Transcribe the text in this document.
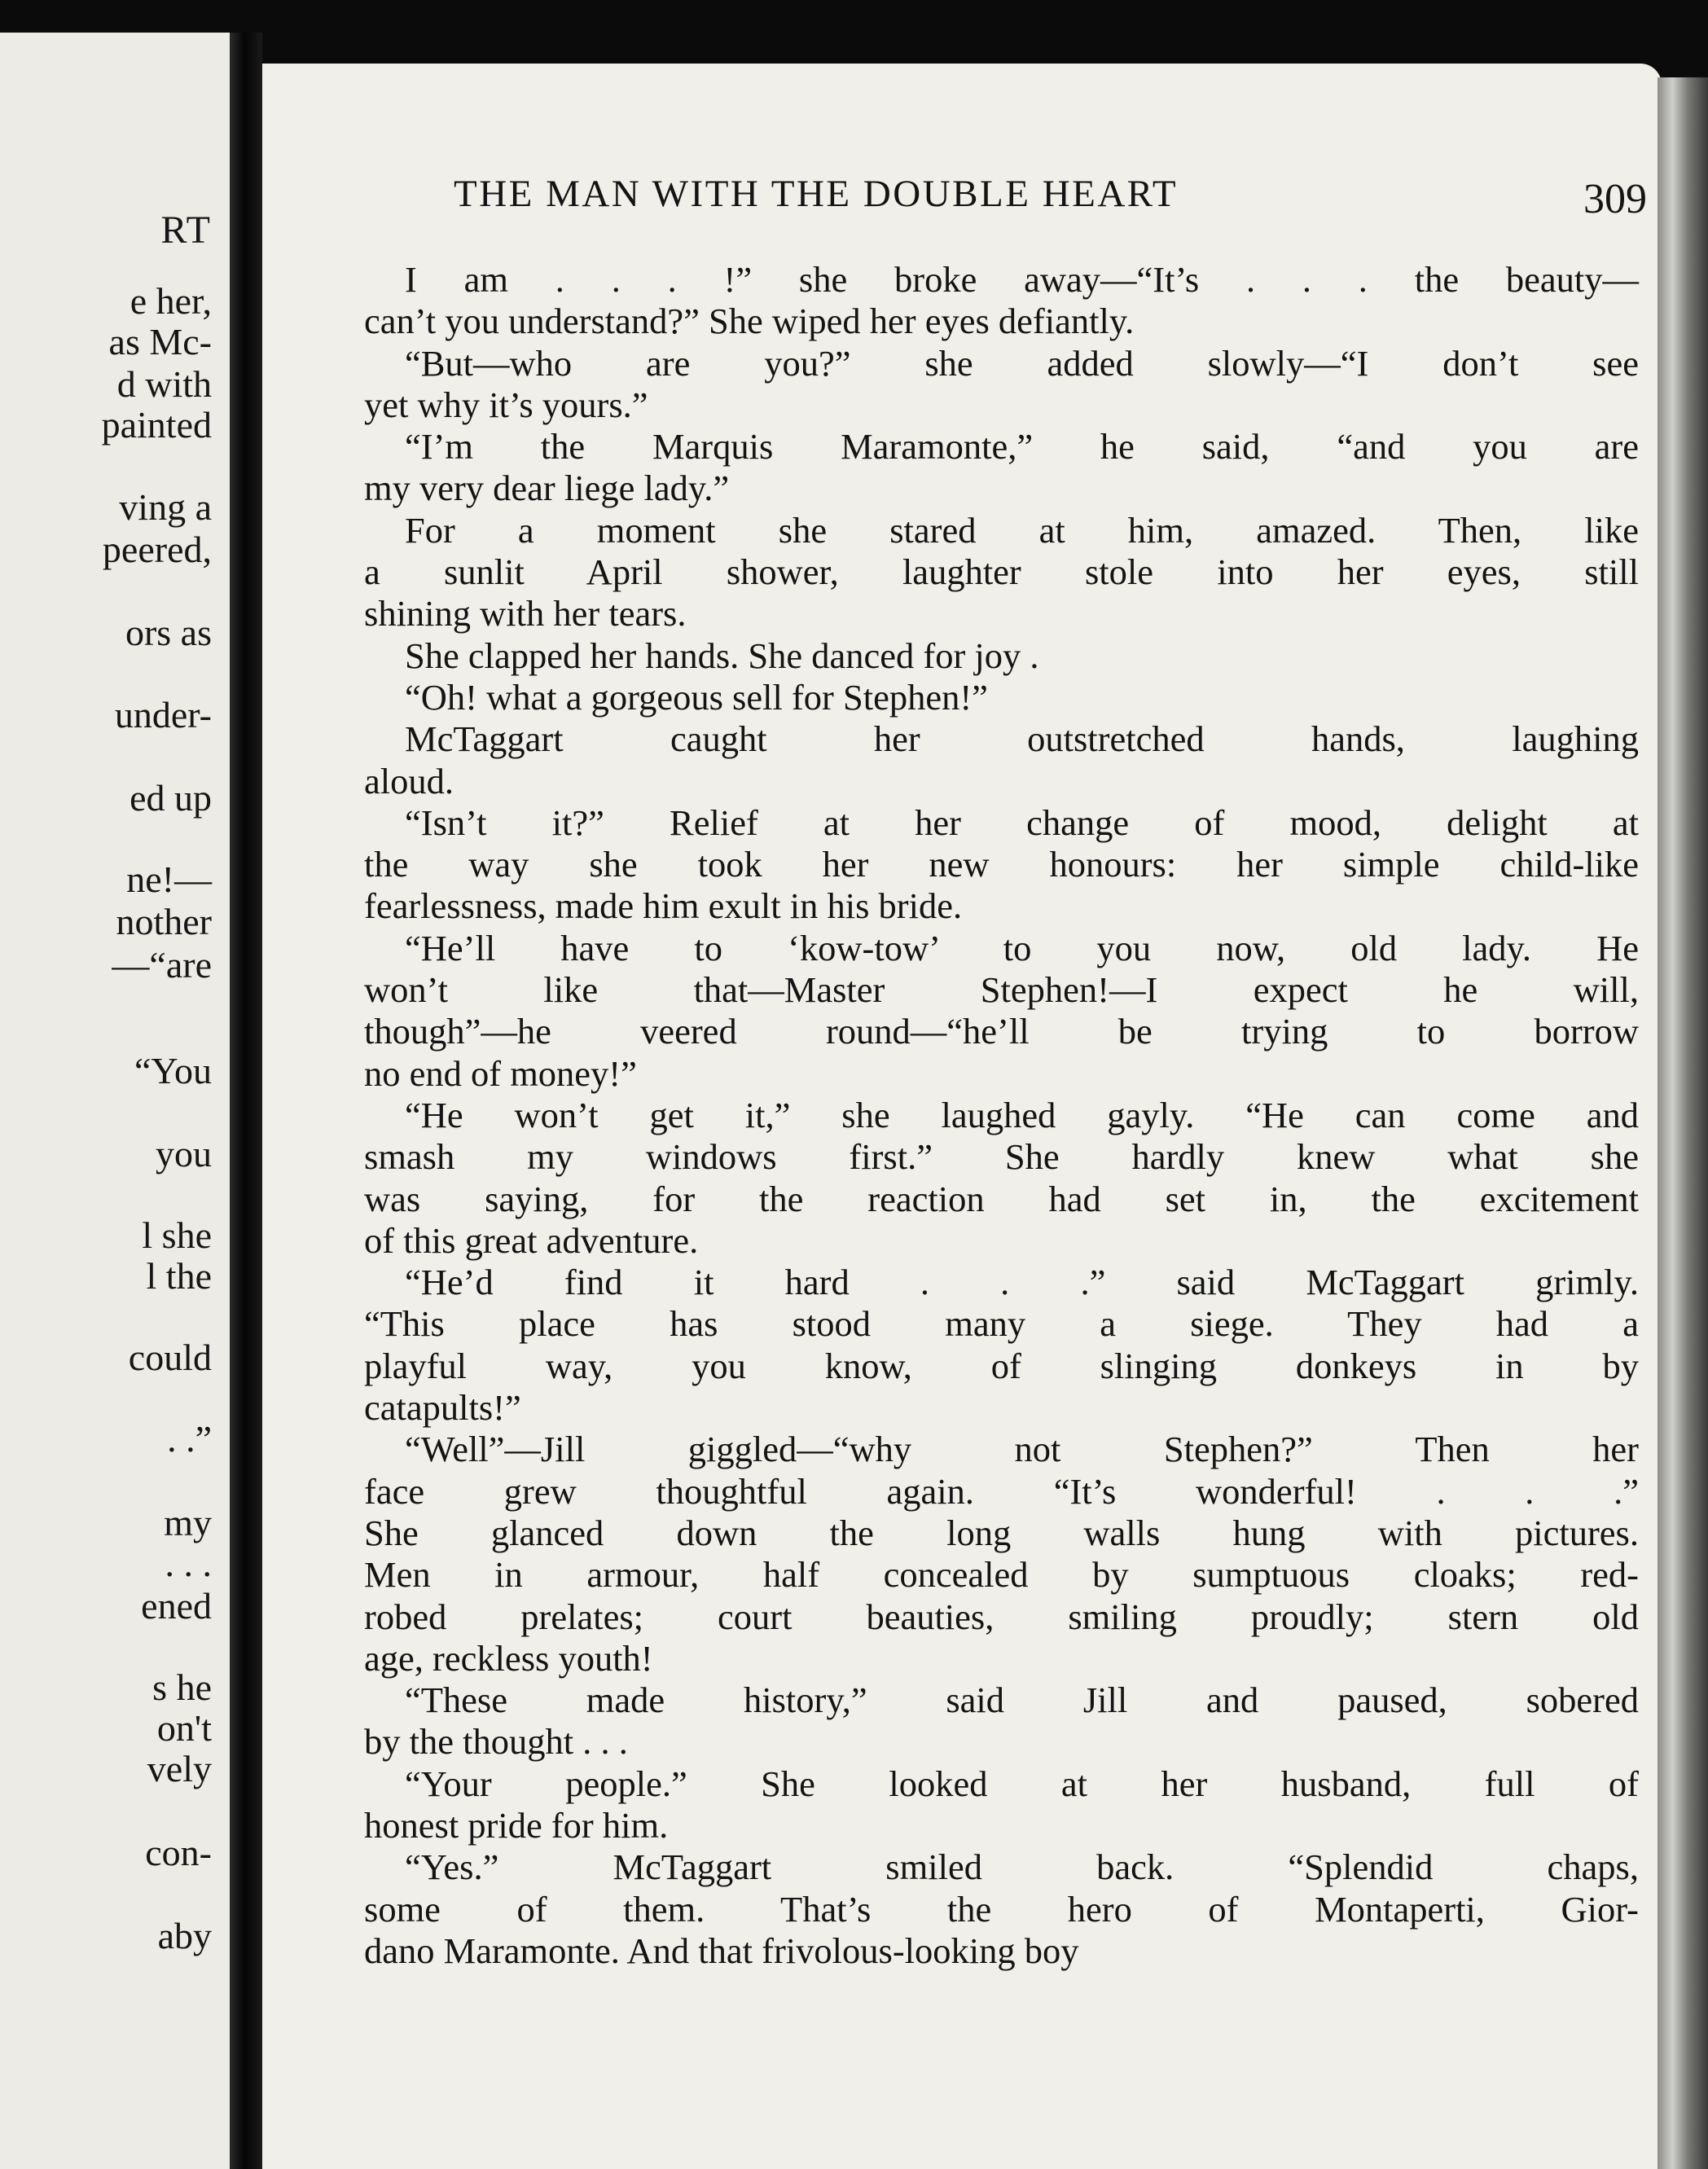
RT
e her,
as Mc-
d with
painted
ving a
peered,
ors as
under-
ed up
ne!—
nother
—“are
“You
you
l she
l the
could
. .”
my
. . .
ened
s he
on't
vely
con-
aby
THE MAN WITH THE DOUBLE HEART	309
I am . . . !” she broke away—“It’s . . . the beauty—
can’t you understand?” She wiped her eyes defiantly.
“But—who are you?” she added slowly—“I don’t see
yet why it’s yours.”
“I’m the Marquis Maramonte,” he said, “and you are
my very dear liege lady.”
For a moment she stared at him, amazed. Then, like
a sunlit April shower, laughter stole into her eyes, still
shining with her tears.
She clapped her hands. She danced for joy .
“Oh! what a gorgeous sell for Stephen!”
McTaggart caught her outstretched hands, laughing
aloud.
“Isn’t it?” Relief at her change of mood, delight at
the way she took her new honours: her simple child-like
fearlessness, made him exult in his bride.
“He’ll have to ‘kow-tow’ to you now, old lady. He
won’t like that—Master Stephen!—I expect he will,
though”—he veered round—“he’ll be trying to borrow
no end of money!”
“He won’t get it,” she laughed gayly. “He can come and
smash my windows first.” She hardly knew what she
was saying, for the reaction had set in, the excitement
of this great adventure.
“He’d find it hard . . .” said McTaggart grimly.
“This place has stood many a siege. They had a
playful way, you know, of slinging donkeys in by
catapults!”
“Well”—Jill giggled—“why not Stephen?” Then her
face grew thoughtful again. “It’s wonderful! . . .”
She glanced down the long walls hung with pictures.
Men in armour, half concealed by sumptuous cloaks; red-
robed prelates; court beauties, smiling proudly; stern old
age, reckless youth!
“These made history,” said Jill and paused, sobered
by the thought . . .
“Your people.” She looked at her husband, full of
honest pride for him.
“Yes.” McTaggart smiled back. “Splendid chaps,
some of them. That’s the hero of Montaperti, Gior-
dano Maramonte. And that frivolous-looking boy
